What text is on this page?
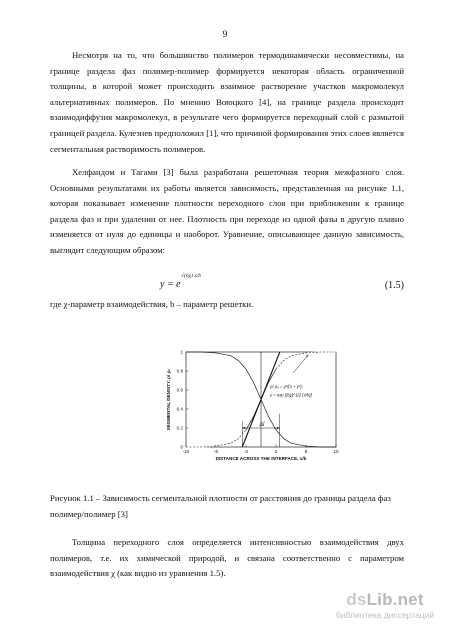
9

Несмотря на то, что большинство полимеров термодинамически несовместимы, на границе раздела фаз полимер-полимер формируется некоторая область ограниченной толщины, в которой может происходить взаимное растворение участков макромолекул альтернативных полимеров. По мнению Воюцкого [4], на границе раздела происходит взаимодиффузия макромолекул, в результате чего формируется переходный слой с размытой границей раздела. Кулезнев предположил [1], что причиной формирования этих слоев является сегментальная растворимость полимеров.

Хелфандом и Тагами [3] была разработана решеточная теория межфазного слоя. Основными результатами их работы является зависимость, представленная на рисунке 1.1, которая показывает изменение плотности переходного слоя при приближении к границе раздела фаз и при удалении от нее. Плотность при переходе из одной фазы в другую плавно изменяется от нуля до единицы и наоборот. Уравнение, описывающее данную зависимость, выглядит следующим образом:

y = e
√(6χ) x/b
(1.5)

где χ-параметр взаимодействия, b – параметр решетки.

-10	-6	-2	2	6	10
0
0.2
0.4
0.6
0.8
1
DISTANCE ACROSS THE INTERFACE, x/b
SEGMENTAL DENSITY, ρ/ ρ₀	Δl
ρ/ ρ₀ = y²/(1 + y²);
y = exp [(6χ)^1/2 (x/b)]

Рисунок 1.1 – Зависимость сегментальной плотности от расстояния до границы раздела фаз полимер/полимер [3]

Толщина переходного слоя определяется интенсивностью взаимодействия двух полимеров, т.е. их химической природой, и связана соответственно с параметром взаимодействия χ (как видно из уравнения 1.5).

dsLib.net
библиотека диссертаций
